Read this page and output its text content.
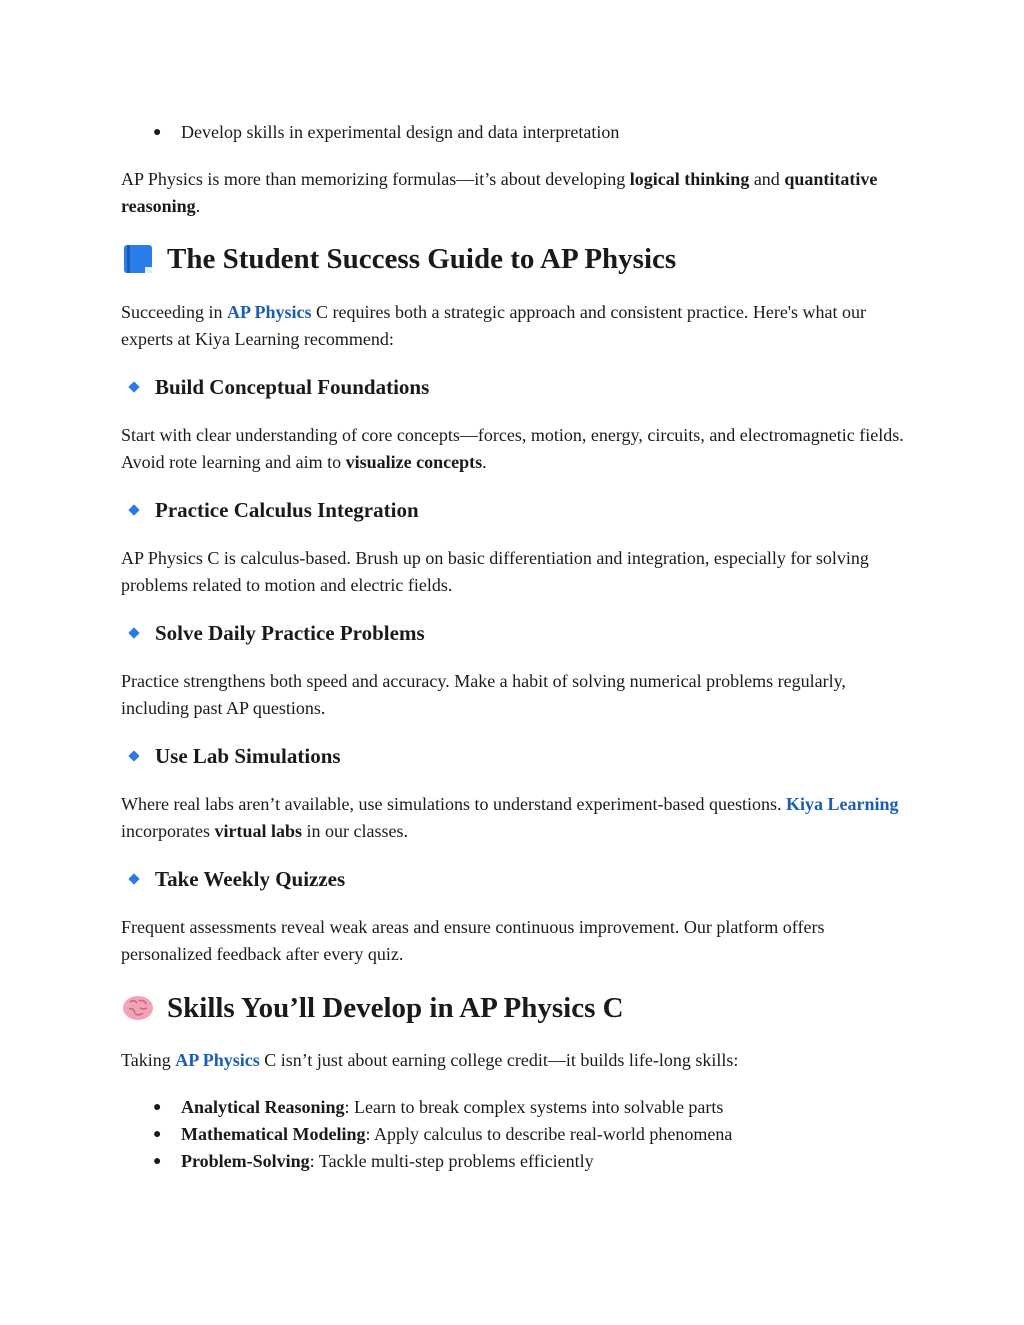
● Develop skills in experimental design and data interpretation

AP Physics is more than memorizing formulas—it’s about developing logical thinking and quantitative reasoning.

The Student Success Guide to AP Physics

Succeeding in AP Physics C requires both a strategic approach and consistent practice. Here's what our experts at Kiya Learning recommend:

Build Conceptual Foundations

Start with clear understanding of core concepts—forces, motion, energy, circuits, and electromagnetic fields. Avoid rote learning and aim to visualize concepts.

Practice Calculus Integration

AP Physics C is calculus-based. Brush up on basic differentiation and integration, especially for solving problems related to motion and electric fields.

Solve Daily Practice Problems

Practice strengthens both speed and accuracy. Make a habit of solving numerical problems regularly, including past AP questions.

Use Lab Simulations

Where real labs aren’t available, use simulations to understand experiment-based questions. Kiya Learning incorporates virtual labs in our classes.

Take Weekly Quizzes

Frequent assessments reveal weak areas and ensure continuous improvement. Our platform offers personalized feedback after every quiz.

Skills You’ll Develop in AP Physics C

Taking AP Physics C isn’t just about earning college credit—it builds life-long skills:

● Analytical Reasoning: Learn to break complex systems into solvable parts
● Mathematical Modeling: Apply calculus to describe real-world phenomena
● Problem-Solving: Tackle multi-step problems efficiently
